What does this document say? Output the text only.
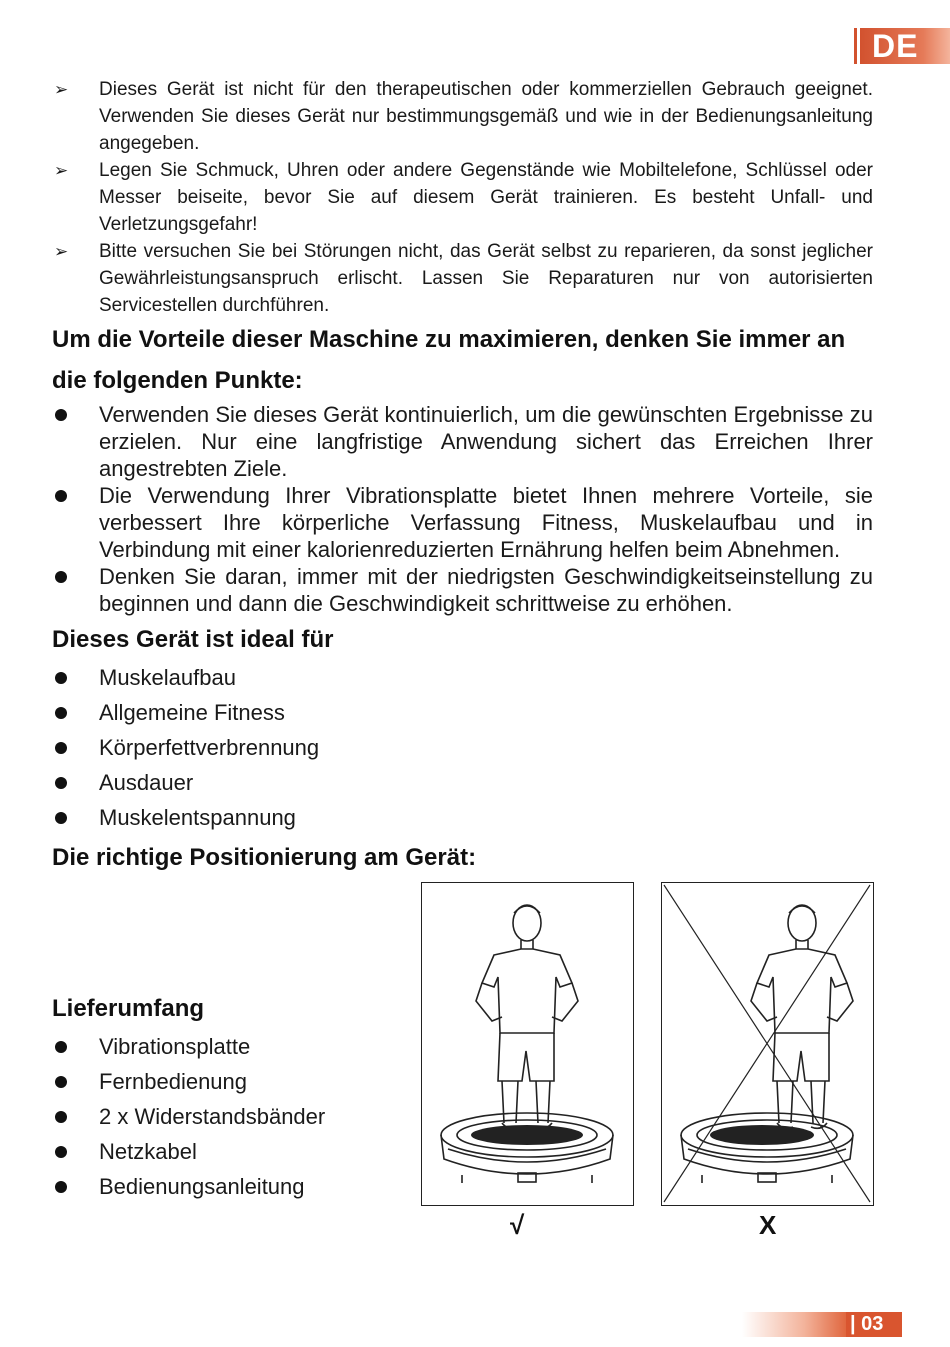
DE
➢ Dieses Gerät ist nicht für den therapeutischen oder kommerziellen Gebrauch geeignet. Verwenden Sie dieses Gerät nur bestimmungsgemäß und wie in der Bedienungsanleitung angegeben.
➢ Legen Sie Schmuck, Uhren oder andere Gegenstände wie Mobiltelefone, Schlüssel oder Messer beiseite, bevor Sie auf diesem Gerät trainieren. Es besteht Unfall- und Verletzungsgefahr!
➢ Bitte versuchen Sie bei Störungen nicht, das Gerät selbst zu reparieren, da sonst jeglicher Gewährleistungsanspruch erlischt. Lassen Sie Reparaturen nur von autorisierten Servicestellen durchführen.
Um die Vorteile dieser Maschine zu maximieren, denken Sie immer an die folgenden Punkte:
Verwenden Sie dieses Gerät kontinuierlich, um die gewünschten Ergebnisse zu erzielen. Nur eine langfristige Anwendung sichert das Erreichen Ihrer angestrebten Ziele.
Die Verwendung Ihrer Vibrationsplatte bietet Ihnen mehrere Vorteile, sie verbessert Ihre körperliche Verfassung Fitness, Muskelaufbau und in Verbindung mit einer kalorienreduzierten Ernährung helfen beim Abnehmen.
Denken Sie daran, immer mit der niedrigsten Geschwindigkeitseinstellung zu beginnen und dann die Geschwindigkeit schrittweise zu erhöhen.
Dieses Gerät ist ideal für
Muskelaufbau
Allgemeine Fitness
Körperfettverbrennung
Ausdauer
Muskelentspannung
Die richtige Positionierung am Gerät:
Lieferumfang
Vibrationsplatte
Fernbedienung
2 x Widerstandsbänder
Netzkabel
Bedienungsanleitung
√	X
| 03
